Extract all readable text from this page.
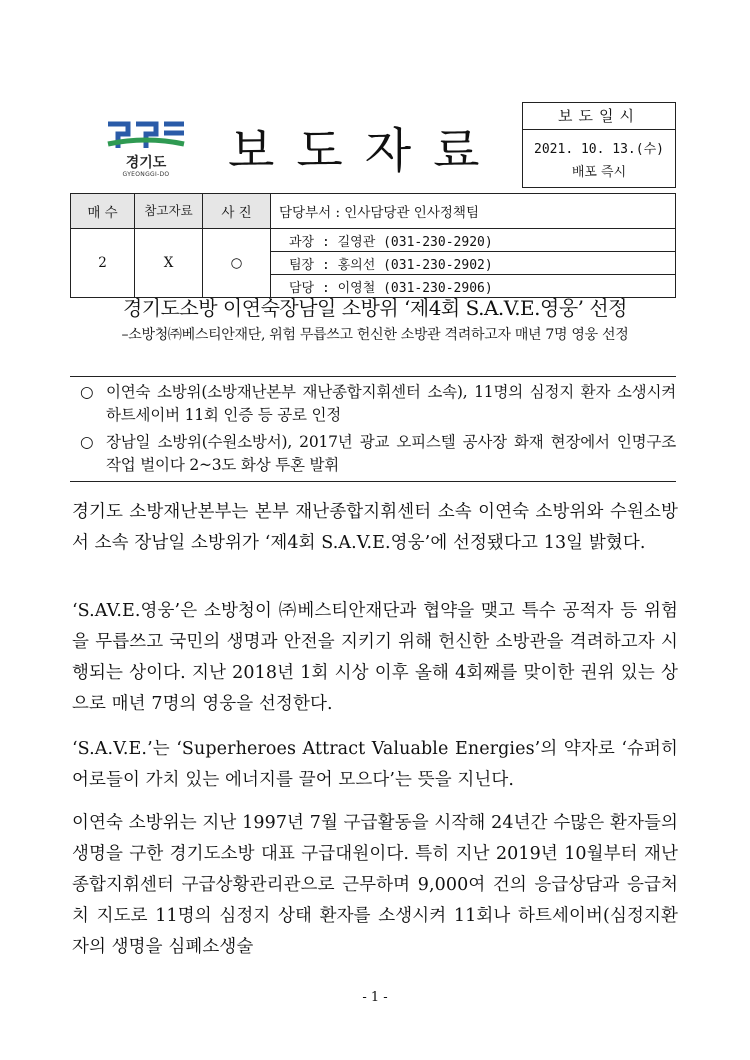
경기도
GYEONGGI-DO	보도자료
보도일시
2021. 10. 13.(수)
배포 즉시
매 수	참고자료	사 진	담당부서 : 인사담당관 인사정책팀
2	X	○	과장 : 길영관 (031-230-2920)
			팀장 : 홍의선 (031-230-2902)
			담당 : 이영철 (031-230-2906)
경기도소방 이연숙장남일 소방위 ‘제4회 S.A.V.E.영웅’ 선정
–소방청㈜베스티안재단, 위험 무릅쓰고 헌신한 소방관 격려하고자 매년 7명 영웅 선정
○ 이연숙 소방위(소방재난본부 재난종합지휘센터 소속), 11명의 심정지 환자 소생시켜 하트세이버 11회 인증 등 공로 인정
○ 장남일 소방위(수원소방서), 2017년 광교 오피스텔 공사장 화재 현장에서 인명구조 작업 벌이다 2~3도 화상 투혼 발휘
경기도 소방재난본부는 본부 재난종합지휘센터 소속 이연숙 소방위와 수원소방서 소속 장남일 소방위가 ‘제4회 S.A.V.E.영웅’에 선정됐다고 13일 밝혔다.
‘S.AV.E.영웅’은 소방청이 ㈜베스티안재단과 협약을 맺고 특수 공적자 등 위험을 무릅쓰고 국민의 생명과 안전을 지키기 위해 헌신한 소방관을 격려하고자 시행되는 상이다. 지난 2018년 1회 시상 이후 올해 4회째를 맞이한 권위 있는 상으로 매년 7명의 영웅을 선정한다.
‘S.A.V.E.’는 ‘Superheroes Attract Valuable Energies’의 약자로 ‘슈퍼히어로들이 가치 있는 에너지를 끌어 모으다’는 뜻을 지닌다.
이연숙 소방위는 지난 1997년 7월 구급활동을 시작해 24년간 수많은 환자들의 생명을 구한 경기도소방 대표 구급대원이다. 특히 지난 2019년 10월부터 재난종합지휘센터 구급상황관리관으로 근무하며 9,000여 건의 응급상담과 응급처치 지도로 11명의 심정지 상태 환자를 소생시켜 11회나 하트세이버(심정지환자의 생명을 심폐소생술
- 1 -
